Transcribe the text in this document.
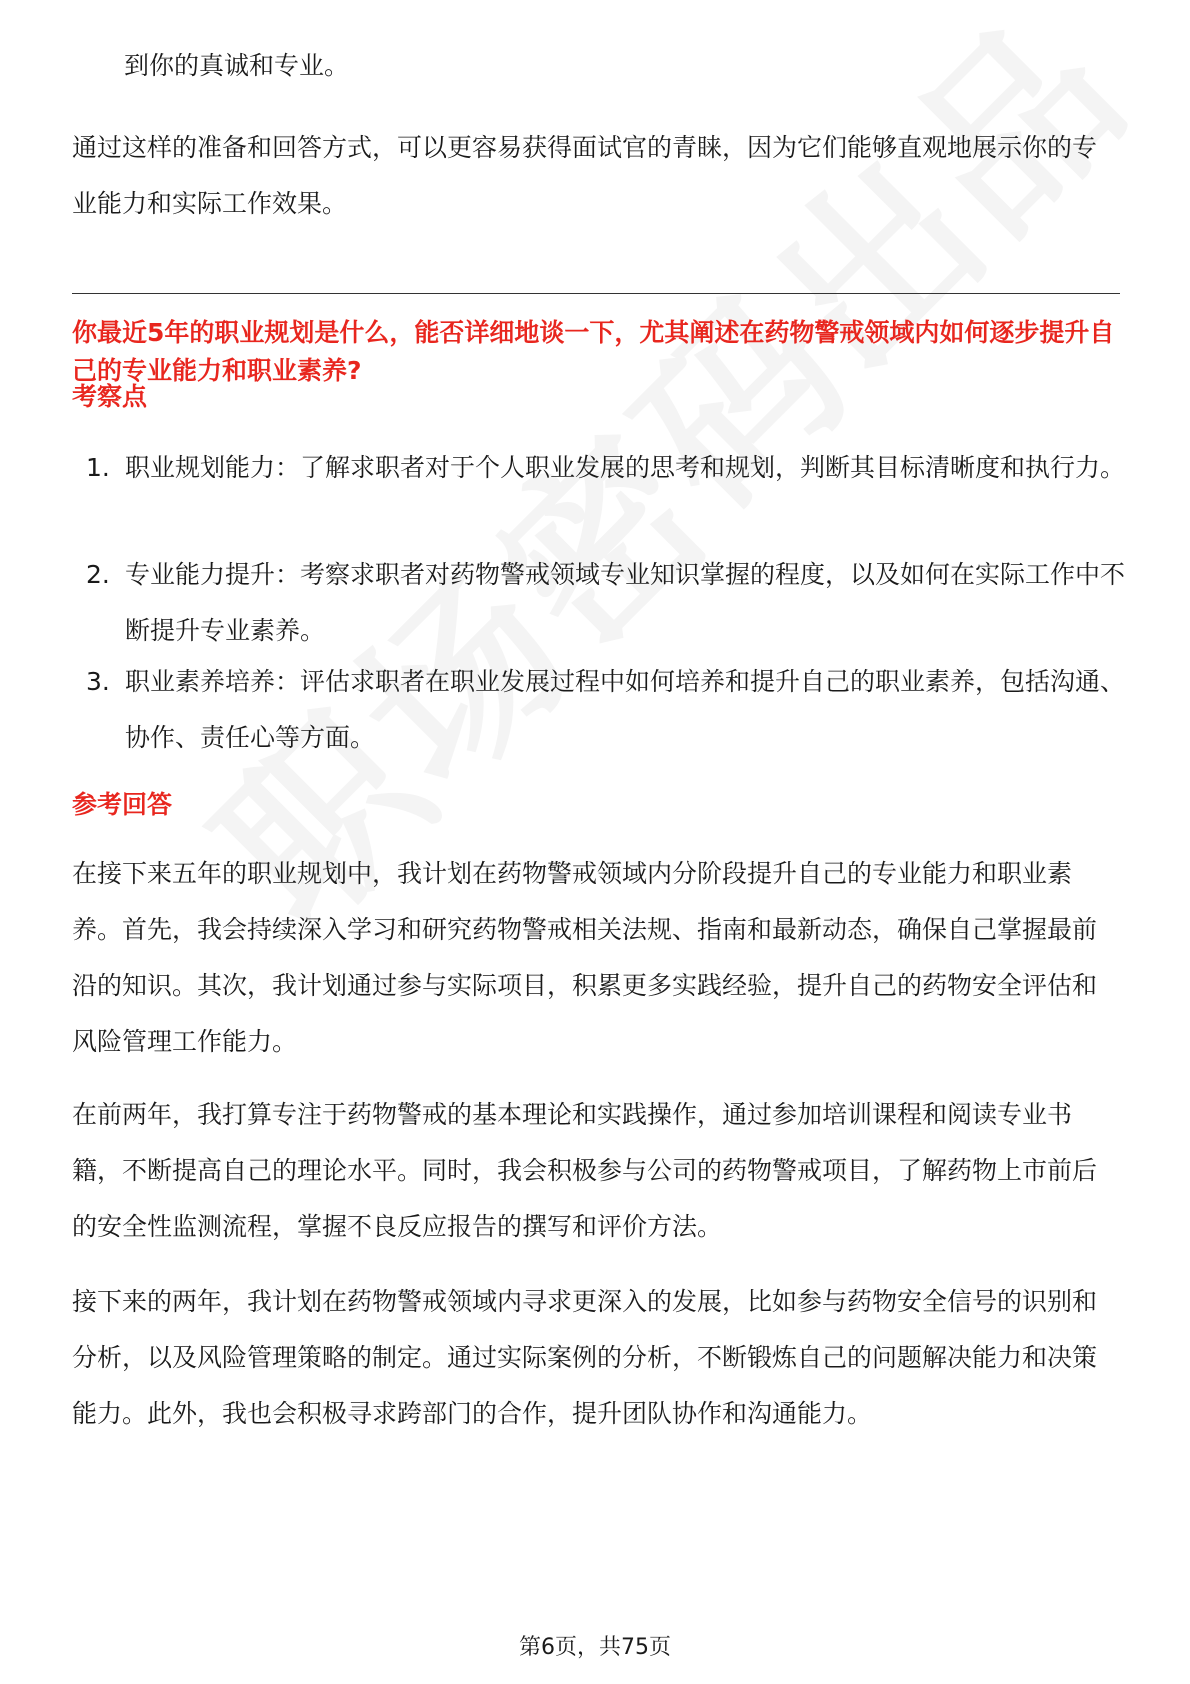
到你的真诚和专业。

通过这样的准备和回答方式，可以更容易获得面试官的青睐，因为它们能够直观地展示你的专业能力和实际工作效果。

你最近5年的职业规划是什么，能否详细地谈一下，尤其阐述在药物警戒领域内如何逐步提升自己的专业能力和职业素养?

考察点

1. 职业规划能力：了解求职者对于个人职业发展的思考和规划，判断其目标清晰度和执行力。
2. 专业能力提升：考察求职者对药物警戒领域专业知识掌握的程度，以及如何在实际工作中不断提升专业素养。
3. 职业素养培养：评估求职者在职业发展过程中如何培养和提升自己的职业素养，包括沟通、协作、责任心等方面。

参考回答

在接下来五年的职业规划中，我计划在药物警戒领域内分阶段提升自己的专业能力和职业素养。首先，我会持续深入学习和研究药物警戒相关法规、指南和最新动态，确保自己掌握最前沿的知识。其次，我计划通过参与实际项目，积累更多实践经验，提升自己的药物安全评估和风险管理工作能力。

在前两年，我打算专注于药物警戒的基本理论和实践操作，通过参加培训课程和阅读专业书籍，不断提高自己的理论水平。同时，我会积极参与公司的药物警戒项目，了解药物上市前后的安全性监测流程，掌握不良反应报告的撰写和评价方法。

接下来的两年，我计划在药物警戒领域内寻求更深入的发展，比如参与药物安全信号的识别和分析，以及风险管理策略的制定。通过实际案例的分析，不断锻炼自己的问题解决能力和决策能力。此外，我也会积极寻求跨部门的合作，提升团队协作和沟通能力。

第6页，共75页
